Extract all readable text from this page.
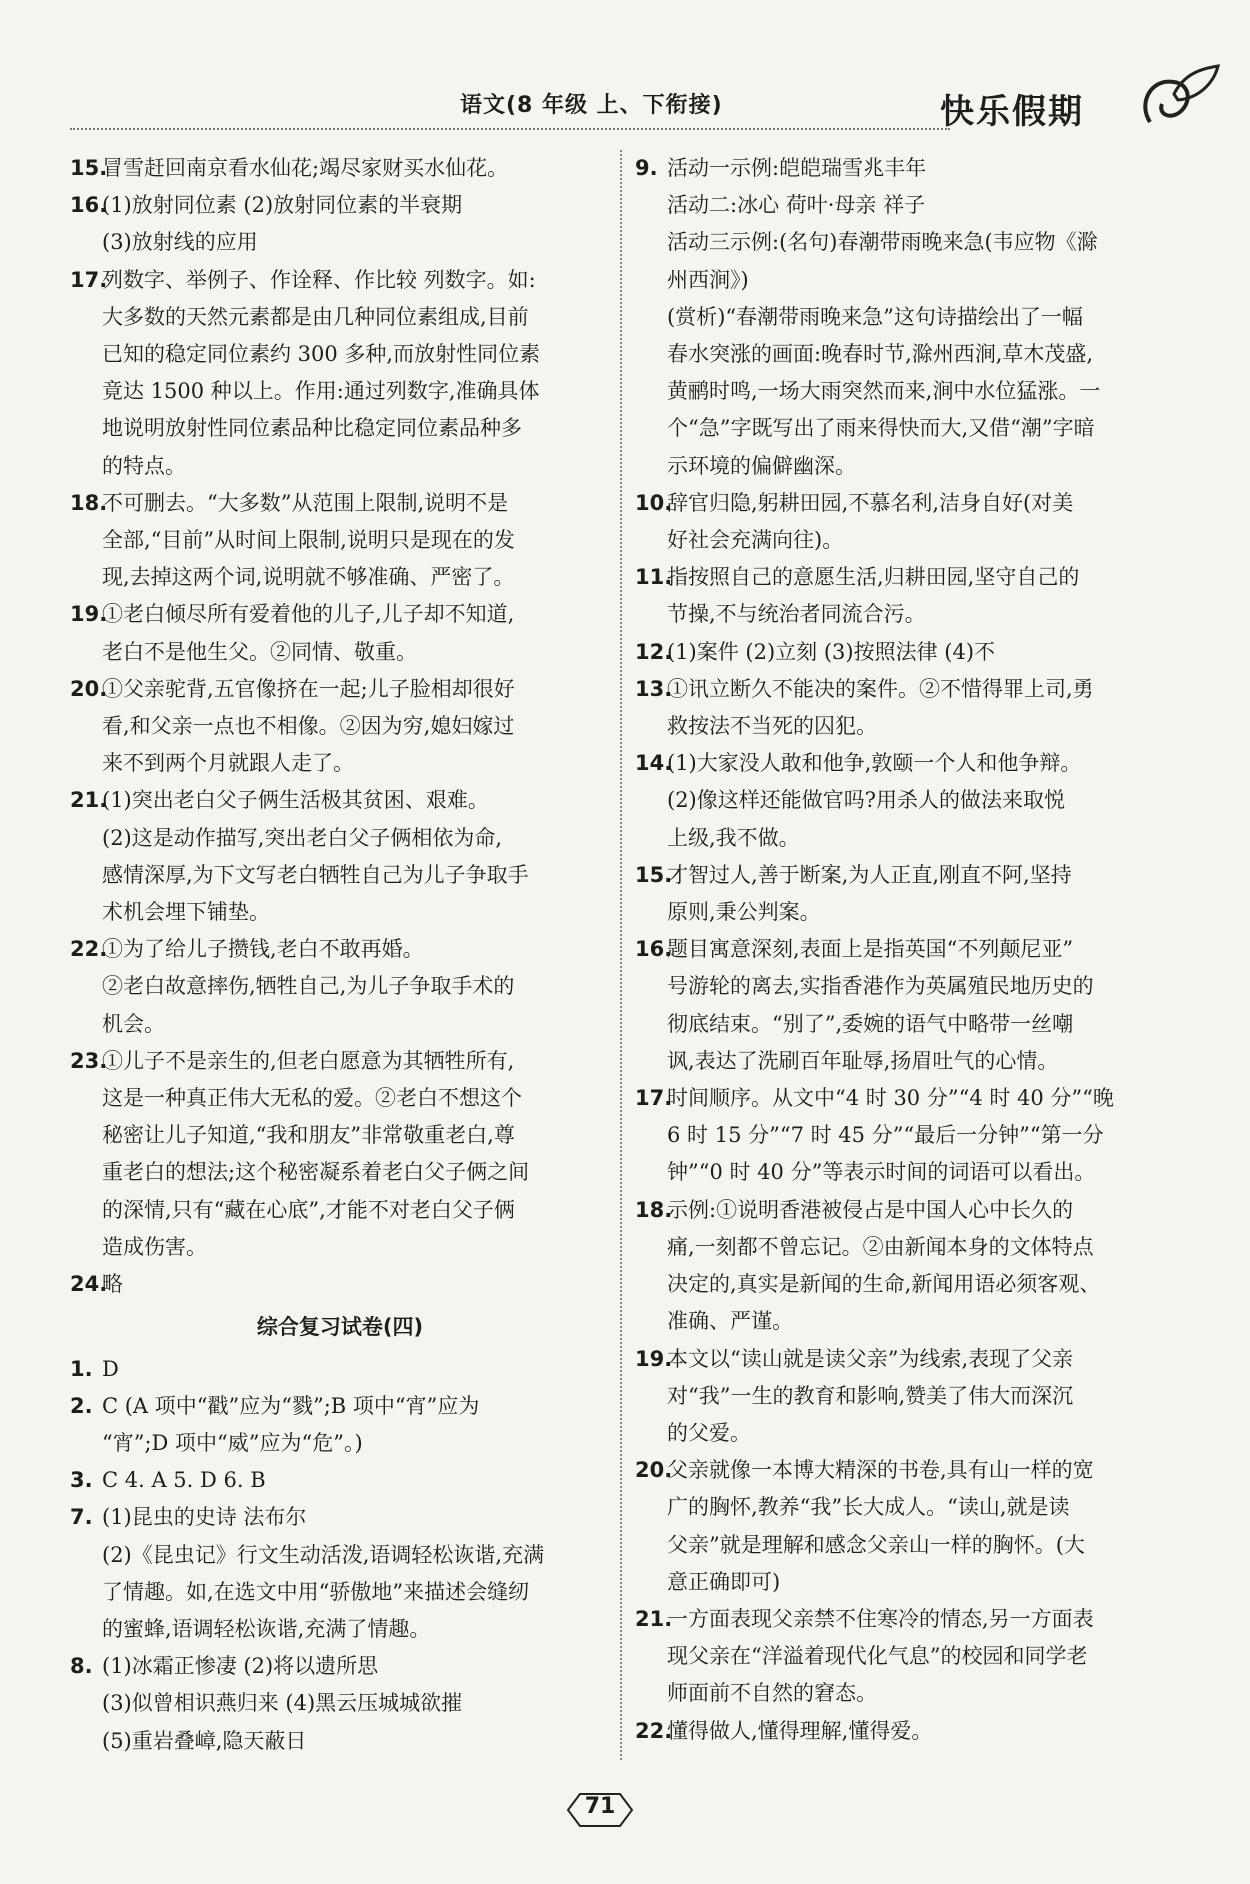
语文(8 年级 上、下衔接)	快乐假期
15.
冒雪赶回南京看水仙花;竭尽家财买水仙花。
16.
(1)放射同位素 (2)放射同位素的半衰期
(3)放射线的应用
17.
列数字、举例子、作诠释、作比较 列数字。如:
大多数的天然元素都是由几种同位素组成,目前
已知的稳定同位素约 300 多种,而放射性同位素
竟达 1500 种以上。作用:通过列数字,准确具体
地说明放射性同位素品种比稳定同位素品种多
的特点。
18.
不可删去。“大多数”从范围上限制,说明不是
全部,“目前”从时间上限制,说明只是现在的发
现,去掉这两个词,说明就不够准确、严密了。
19.
①老白倾尽所有爱着他的儿子,儿子却不知道,
老白不是他生父。②同情、敬重。
20.
①父亲驼背,五官像挤在一起;儿子脸相却很好
看,和父亲一点也不相像。②因为穷,媳妇嫁过
来不到两个月就跟人走了。
21.
(1)突出老白父子俩生活极其贫困、艰难。
(2)这是动作描写,突出老白父子俩相依为命,
感情深厚,为下文写老白牺牲自己为儿子争取手
术机会埋下铺垫。
22.
①为了给儿子攒钱,老白不敢再婚。
②老白故意摔伤,牺牲自己,为儿子争取手术的
机会。
23.
①儿子不是亲生的,但老白愿意为其牺牲所有,
这是一种真正伟大无私的爱。②老白不想这个
秘密让儿子知道,“我和朋友”非常敬重老白,尊
重老白的想法;这个秘密凝系着老白父子俩之间
的深情,只有“藏在心底”,才能不对老白父子俩
造成伤害。
24.
略
综合复习试卷(四)
1. D
2. C (A 项中“戳”应为“戮”;B 项中“宵”应为
“宵”;D 项中“威”应为“危”。)
3. C 4. A 5. D 6. B
7. (1)昆虫的史诗 法布尔
(2)《昆虫记》行文生动活泼,语调轻松诙谐,充满
了情趣。如,在选文中用“骄傲地”来描述会缝纫
的蜜蜂,语调轻松诙谐,充满了情趣。
8. (1)冰霜正惨凄 (2)将以遗所思
(3)似曾相识燕归来 (4)黑云压城城欲摧
(5)重岩叠嶂,隐天蔽日
9. 活动一示例:皑皑瑞雪兆丰年
活动二:冰心 荷叶·母亲 祥子
活动三示例:(名句)春潮带雨晚来急(韦应物《滁
州西涧》)
(赏析)“春潮带雨晚来急”这句诗描绘出了一幅
春水突涨的画面:晚春时节,滁州西涧,草木茂盛,
黄鹂时鸣,一场大雨突然而来,涧中水位猛涨。一
个“急”字既写出了雨来得快而大,又借“潮”字暗
示环境的偏僻幽深。
10.
辞官归隐,躬耕田园,不慕名利,洁身自好(对美
好社会充满向往)。
11.
指按照自己的意愿生活,归耕田园,坚守自己的
节操,不与统治者同流合污。
12.
(1)案件 (2)立刻 (3)按照法律 (4)不
13.
①讯立断久不能决的案件。②不惜得罪上司,勇
救按法不当死的囚犯。
14.
(1)大家没人敢和他争,敦颐一个人和他争辩。
(2)像这样还能做官吗?用杀人的做法来取悦
上级,我不做。
15.
才智过人,善于断案,为人正直,刚直不阿,坚持
原则,秉公判案。
16.
题目寓意深刻,表面上是指英国“不列颠尼亚”
号游轮的离去,实指香港作为英属殖民地历史的
彻底结束。“别了”,委婉的语气中略带一丝嘲
讽,表达了洗刷百年耻辱,扬眉吐气的心情。
17.
时间顺序。从文中“4 时 30 分”“4 时 40 分”“晚
6 时 15 分”“7 时 45 分”“最后一分钟”“第一分
钟”“0 时 40 分”等表示时间的词语可以看出。
18.
示例:①说明香港被侵占是中国人心中长久的
痛,一刻都不曾忘记。②由新闻本身的文体特点
决定的,真实是新闻的生命,新闻用语必须客观、
准确、严谨。
19.
本文以“读山就是读父亲”为线索,表现了父亲
对“我”一生的教育和影响,赞美了伟大而深沉
的父爱。
20.
父亲就像一本博大精深的书卷,具有山一样的宽
广的胸怀,教养“我”长大成人。“读山,就是读
父亲”就是理解和感念父亲山一样的胸怀。(大
意正确即可)
21.
一方面表现父亲禁不住寒冷的情态,另一方面表
现父亲在“洋溢着现代化气息”的校园和同学老
师面前不自然的窘态。
22.
懂得做人,懂得理解,懂得爱。
71
